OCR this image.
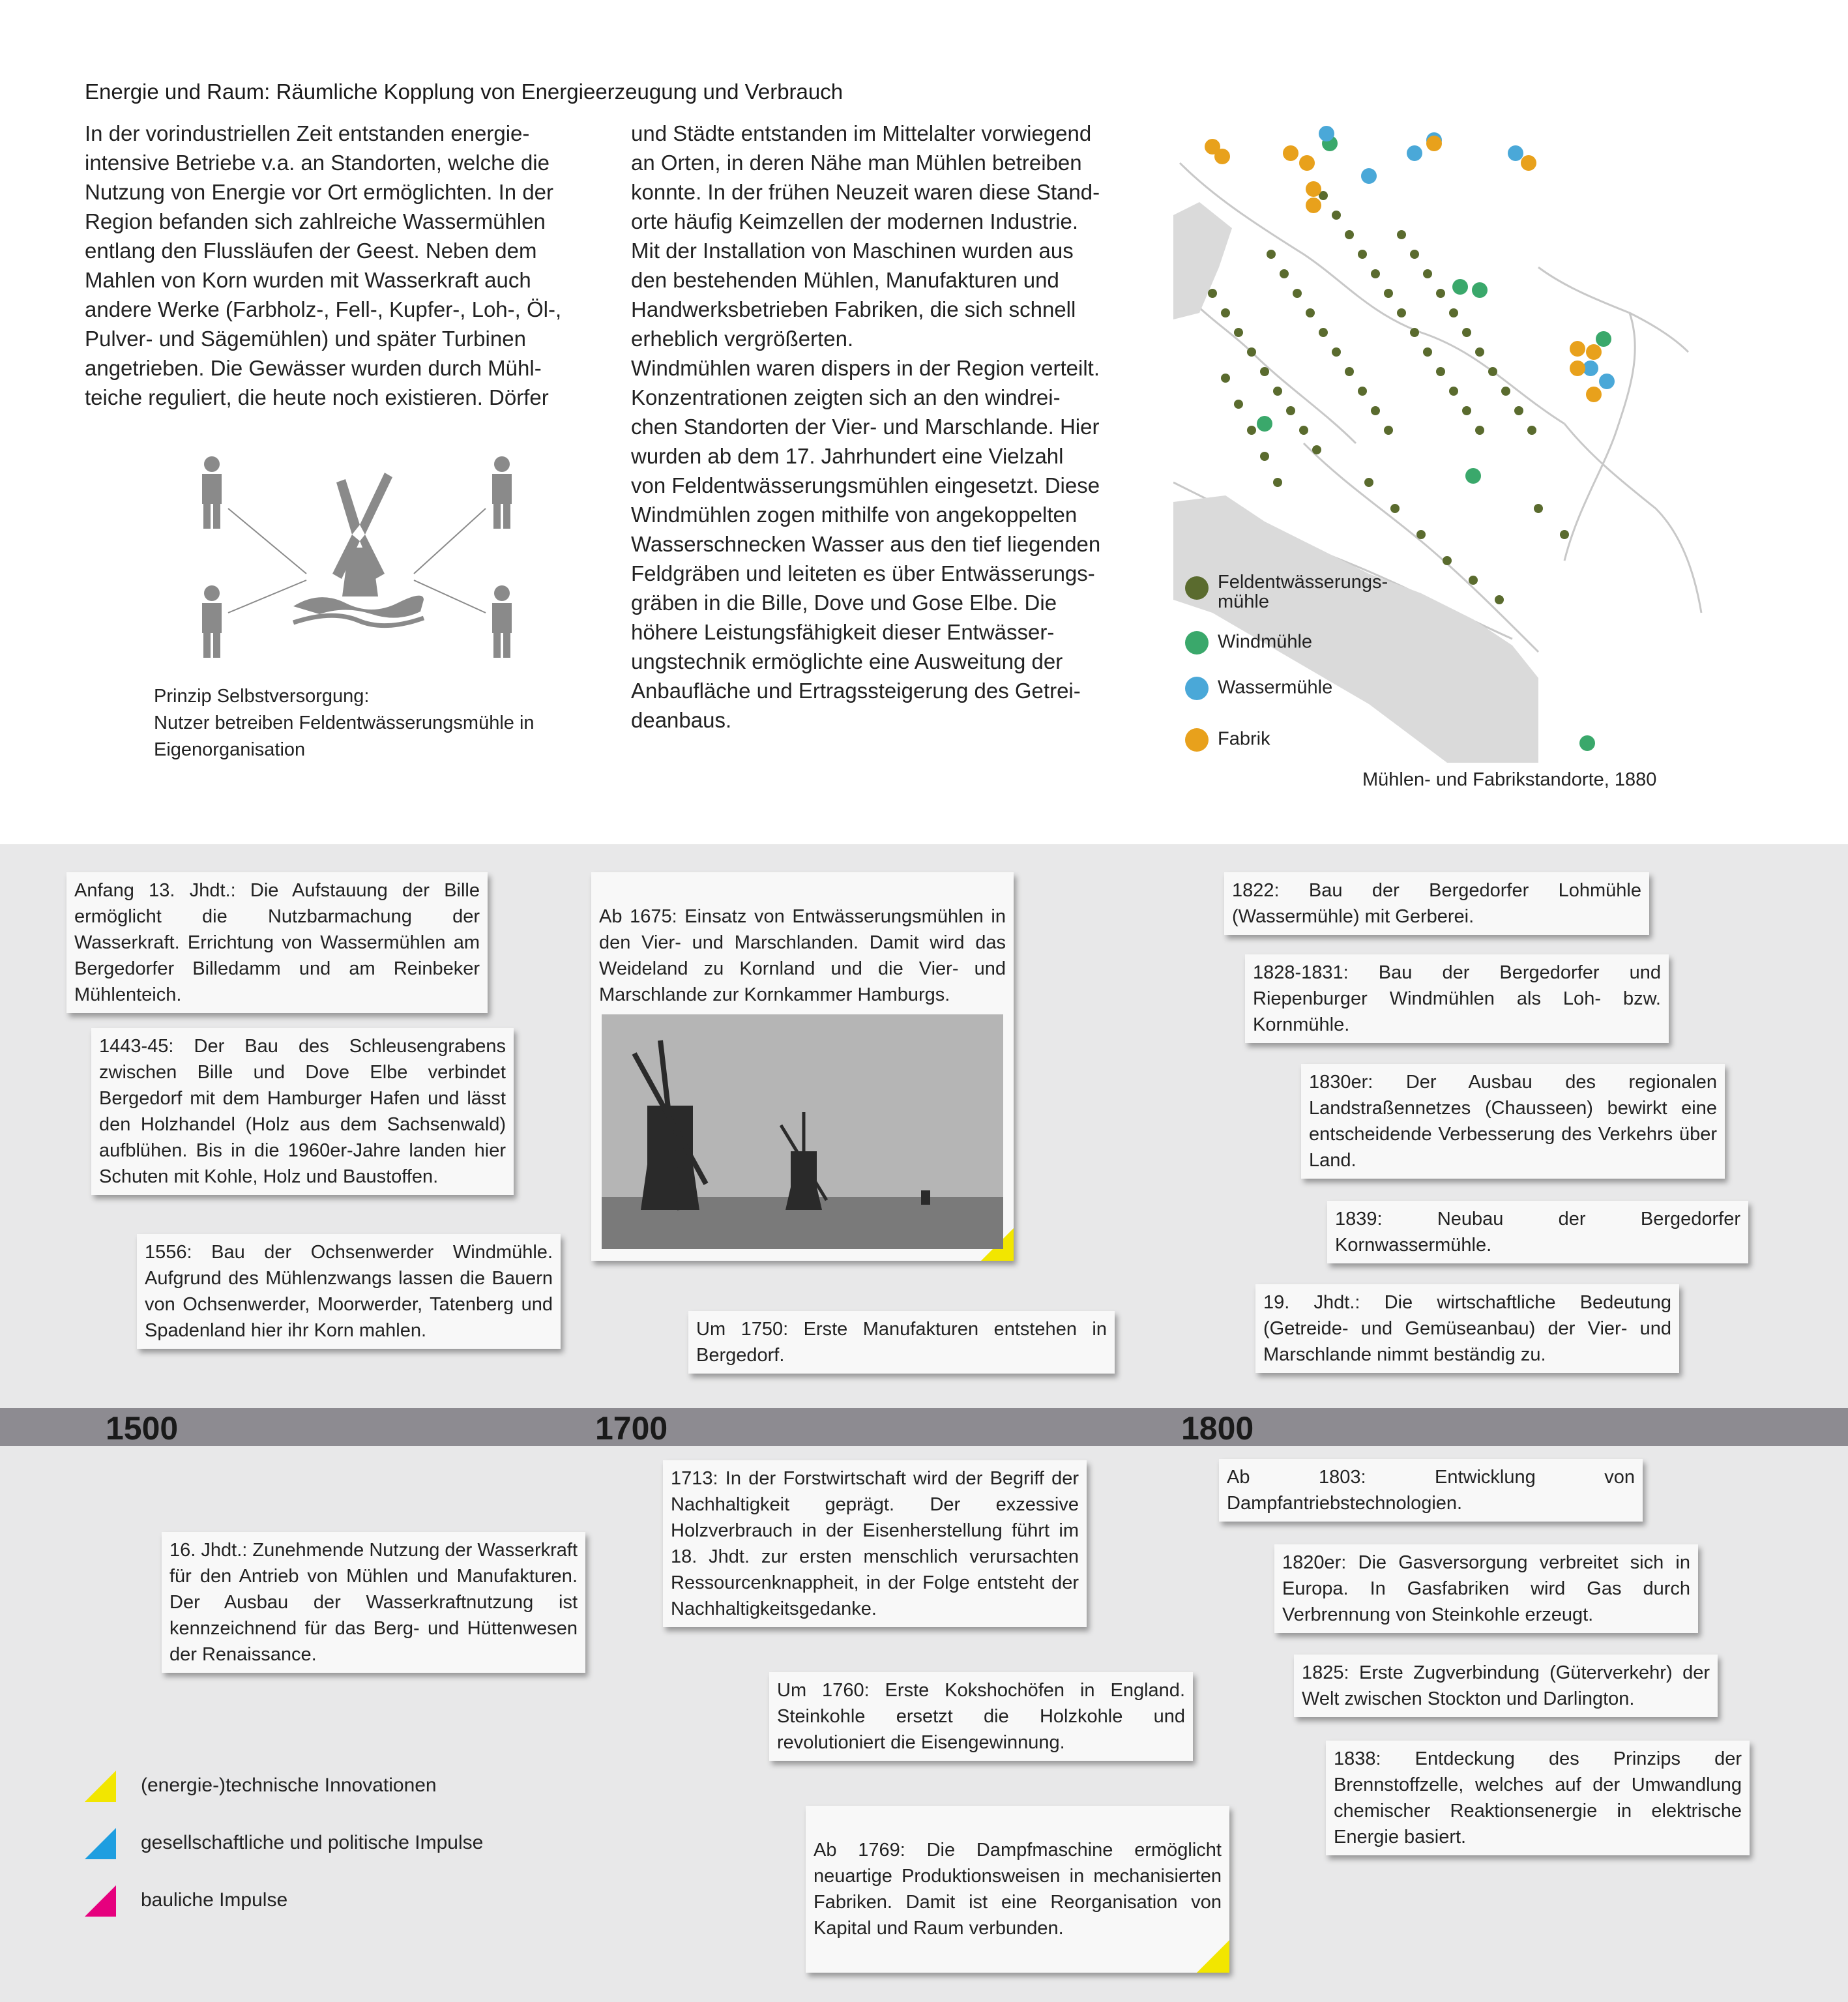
Energie und Raum: Räumliche Kopplung von Energieerzeugung und Verbrauch
In der vorindustriellen Zeit entstanden energie-
intensive Betriebe v.a. an Standorten, welche die
Nutzung von Energie vor Ort ermöglichten. In der
Region befanden sich zahlreiche Wassermühlen
entlang den Flussläufen der Geest. Neben dem
Mahlen von Korn wurden mit Wasserkraft auch
andere Werke (Farbholz-, Fell-, Kupfer-, Loh-, Öl-,
Pulver- und Sägemühlen) und später Turbinen
angetrieben. Die Gewässer wurden durch Mühl-
teiche reguliert, die heute noch existieren. Dörfer
und Städte entstanden im Mittelalter vorwiegend
an Orten, in deren Nähe man Mühlen betreiben
konnte. In der frühen Neuzeit waren diese Stand-
orte häufig Keimzellen der modernen Industrie.
Mit der Installation von Maschinen wurden aus
den bestehenden Mühlen, Manufakturen und
Handwerksbetrieben Fabriken, die sich schnell
erheblich vergrößerten.
Windmühlen waren dispers in der Region verteilt.
Konzentrationen zeigten sich an den windrei-
chen Standorten der Vier- und Marschlande. Hier
wurden ab dem 17. Jahrhundert eine Vielzahl
von Feldentwässerungsmühlen eingesetzt. Diese
Windmühlen zogen mithilfe von angekoppelten
Wasserschnecken Wasser aus den tief liegenden
Feldgräben und leiteten es über Entwässerungs-
gräben in die Bille, Dove und Gose Elbe. Die
höhere Leistungsfähigkeit dieser Entwässer-
ungstechnik ermöglichte eine Ausweitung der
Anbaufläche und Ertragssteigerung des Getrei-
deanbaus.
Prinzip Selbstversorgung:
Nutzer betreiben Feldentwässerungsmühle in
Eigenorganisation
Feldentwässerungs-
mühle
Windmühle
Wassermühle
Fabrik
Mühlen- und Fabrikstandorte, 1880
1500	1700	1800
Anfang 13. Jhdt.: Die Aufstauung der Bille ermöglicht die Nutzbarmachung der Wasserkraft. Errichtung von Wassermühlen am Bergedorfer Billedamm und am Reinbeker Mühlenteich.
1443-45: Der Bau des Schleusengrabens zwischen Bille und Dove Elbe verbindet Bergedorf mit dem Hamburger Hafen und lässt den Holzhandel (Holz aus dem Sachsenwald) aufblühen. Bis in die 1960er-Jahre landen hier Schuten mit Kohle, Holz und Baustoffen.
1556: Bau der Ochsenwerder Windmühle. Aufgrund des Mühlenzwangs lassen die Bauern von Ochsenwerder, Moorwerder, Tatenberg und Spadenland hier ihr Korn mahlen.

Ab 1675: Einsatz von Entwässerungsmühlen in den Vier- und Marschlanden. Damit wird das Weideland zu Kornland und die Vier- und Marschlande zur Kornkammer Hamburgs.

Um 1750: Erste Manufakturen entstehen in Bergedorf.
1822: Bau der Bergedorfer Lohmühle (Wassermühle) mit Gerberei.
1828-1831: Bau der Bergedorfer und Riepenburger Windmühlen als Loh- bzw. Kornmühle.
1830er: Der Ausbau des regionalen Landstraßennetzes (Chausseen) bewirkt eine entscheidende Verbesserung des Verkehrs über Land.
1839: Neubau der Bergedorfer Kornwassermühle.
19. Jhdt.: Die wirtschaftliche Bedeutung (Getreide- und Gemüseanbau) der Vier- und Marschlande nimmt beständig zu.
16. Jhdt.: Zunehmende Nutzung der Wasserkraft für den Antrieb von Mühlen und Manufakturen. Der Ausbau der Wasserkraftnutzung ist kennzeichnend für das Berg- und Hüttenwesen der Renaissance.
1713: In der Forstwirtschaft wird der Begriff der Nachhaltigkeit geprägt. Der exzessive Holzverbrauch in der Eisenherstellung führt im 18. Jhdt. zur ersten menschlich verursachten Ressourcenknappheit, in der Folge entsteht der Nachhaltigkeitsgedanke.
Um 1760: Erste Kokshochöfen in England. Steinkohle ersetzt die Holzkohle und revolutioniert die Eisengewinnung.

Ab 1769: Die Dampfmaschine ermöglicht neuartige Produktionsweisen in mechanisierten Fabriken. Damit ist eine Reorganisation von Kapital und Raum verbunden.

Ab 1803: Entwicklung von Dampfantriebstechnologien.
1820er: Die Gasversorgung verbreitet sich in Europa. In Gasfabriken wird Gas durch Verbrennung von Steinkohle erzeugt.
1825: Erste Zugverbindung (Güterverkehr) der Welt zwischen Stockton und Darlington.
1838: Entdeckung des Prinzips der Brennstoffzelle, welches auf der Umwandlung chemischer Reaktionsenergie in elektrische Energie basiert.
(energie-)technische Innovationen
gesellschaftliche und politische Impulse
bauliche Impulse
